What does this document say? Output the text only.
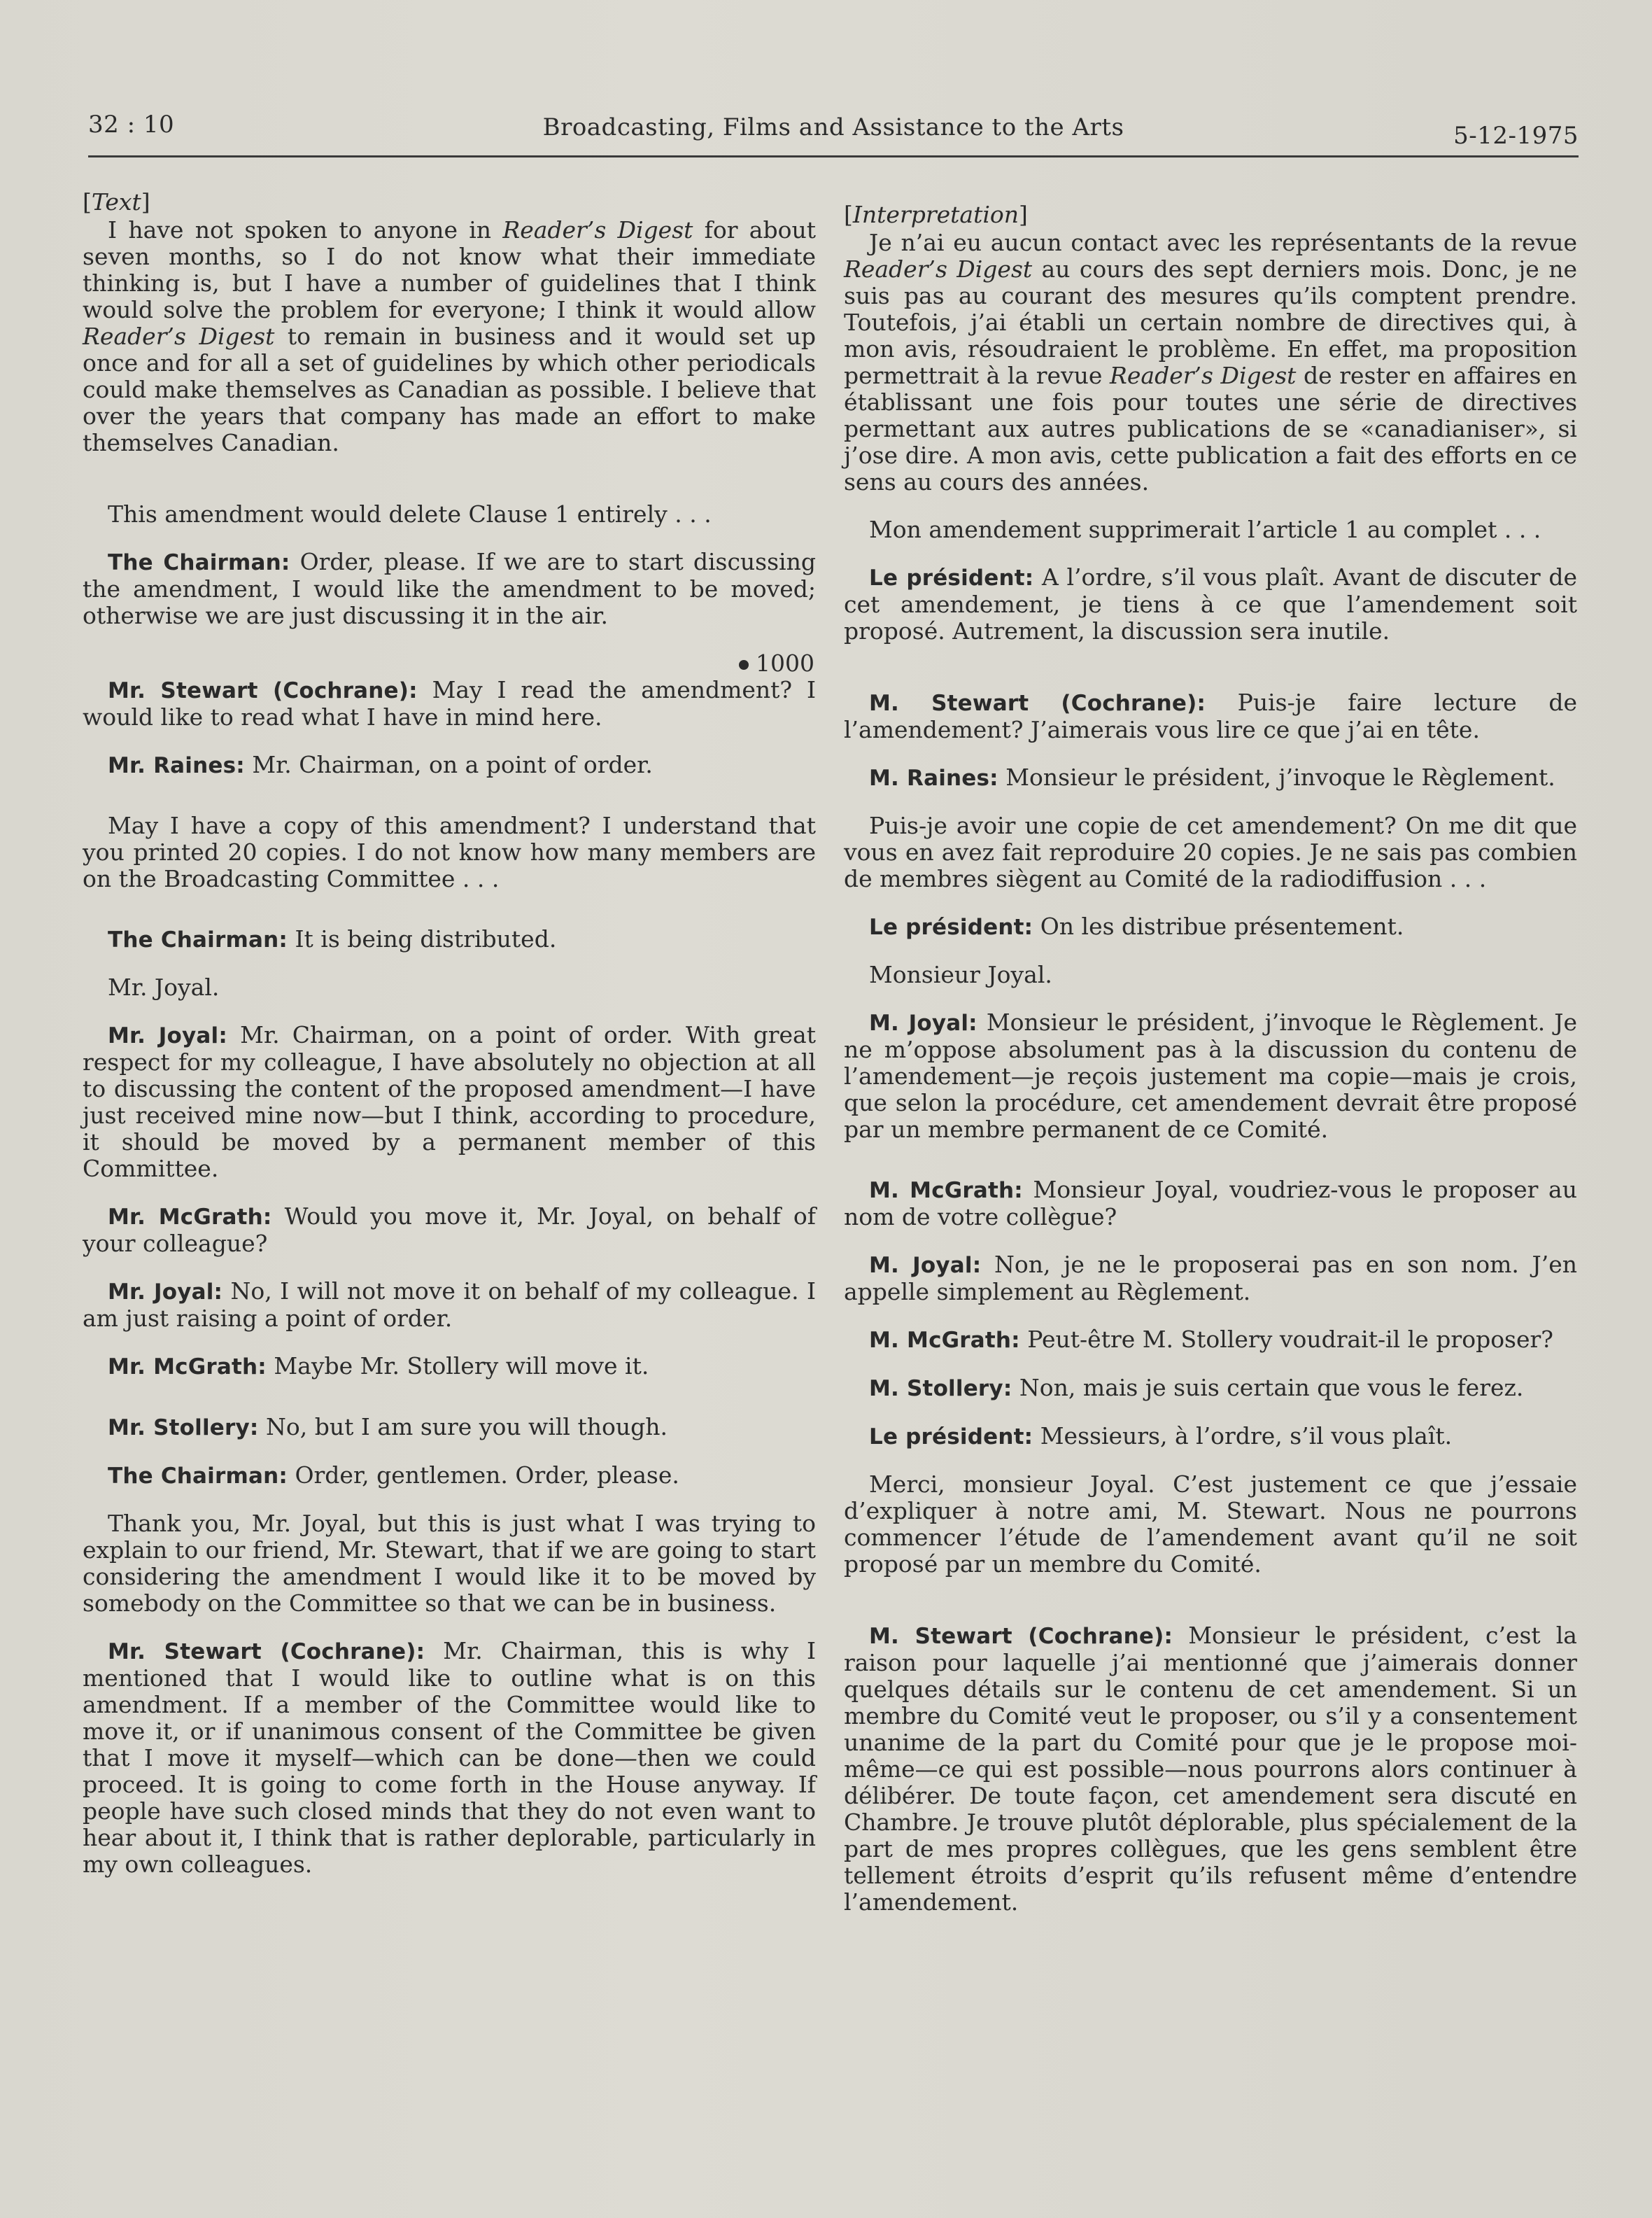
32 : 10	Broadcasting, Films and Assistance to the Arts	5-12-1975
[Text]

I have not spoken to anyone in Reader’s Digest for about seven months, so I do not know what their immediate thinking is, but I have a number of guidelines that I think would solve the problem for everyone; I think it would allow Reader’s Digest to remain in business and it would set up once and for all a set of guidelines by which other periodicals could make themselves as Canadian as possible. I believe that over the years that company has made an effort to make themselves Canadian.

This amendment would delete Clause 1 entirely . . .

The Chairman: Order, please. If we are to start discussing the amendment, I would like the amendment to be moved; otherwise we are just discussing it in the air.

1000

Mr. Stewart (Cochrane): May I read the amendment? I would like to read what I have in mind here.

Mr. Raines: Mr. Chairman, on a point of order.

May I have a copy of this amendment? I understand that you printed 20 copies. I do not know how many members are on the Broadcasting Committee . . .

The Chairman: It is being distributed.

Mr. Joyal.

Mr. Joyal: Mr. Chairman, on a point of order. With great respect for my colleague, I have absolutely no objection at all to discussing the content of the proposed amendment—I have just received mine now—but I think, according to procedure, it should be moved by a permanent member of this Committee.

Mr. McGrath: Would you move it, Mr. Joyal, on behalf of your colleague?

Mr. Joyal: No, I will not move it on behalf of my colleague. I am just raising a point of order.

Mr. McGrath: Maybe Mr. Stollery will move it.

Mr. Stollery: No, but I am sure you will though.

The Chairman: Order, gentlemen. Order, please.

Thank you, Mr. Joyal, but this is just what I was trying to explain to our friend, Mr. Stewart, that if we are going to start considering the amendment I would like it to be moved by somebody on the Committee so that we can be in business.

Mr. Stewart (Cochrane): Mr. Chairman, this is why I mentioned that I would like to outline what is on this amendment. If a member of the Committee would like to move it, or if unanimous consent of the Committee be given that I move it myself—which can be done—then we could proceed. It is going to come forth in the House anyway. If people have such closed minds that they do not even want to hear about it, I think that is rather deplorable, particularly in my own colleagues.

[Interpretation]

Je n’ai eu aucun contact avec les représentants de la revue Reader’s Digest au cours des sept derniers mois. Donc, je ne suis pas au courant des mesures qu’ils comptent prendre. Toutefois, j’ai établi un certain nombre de directives qui, à mon avis, résoudraient le problème. En effet, ma proposition permettrait à la revue Reader’s Digest de rester en affaires en établissant une fois pour toutes une série de directives permettant aux autres publications de se «canadianiser», si j’ose dire. A mon avis, cette publication a fait des efforts en ce sens au cours des années.

Mon amendement supprimerait l’article 1 au complet . . .

Le président: A l’ordre, s’il vous plaît. Avant de discuter de cet amendement, je tiens à ce que l’amendement soit proposé. Autrement, la discussion sera inutile.

M. Stewart (Cochrane): Puis-je faire lecture de l’amendement? J’aimerais vous lire ce que j’ai en tête.

M. Raines: Monsieur le président, j’invoque le Règlement.

Puis-je avoir une copie de cet amendement? On me dit que vous en avez fait reproduire 20 copies. Je ne sais pas combien de membres siègent au Comité de la radiodiffusion . . .

Le président: On les distribue présentement.

Monsieur Joyal.

M. Joyal: Monsieur le président, j’invoque le Règlement. Je ne m’oppose absolument pas à la discussion du contenu de l’amendement—je reçois justement ma copie—mais je crois, que selon la procédure, cet amendement devrait être proposé par un membre permanent de ce Comité.

M. McGrath: Monsieur Joyal, voudriez-vous le proposer au nom de votre collègue?

M. Joyal: Non, je ne le proposerai pas en son nom. J’en appelle simplement au Règlement.

M. McGrath: Peut-être M. Stollery voudrait-il le proposer?

M. Stollery: Non, mais je suis certain que vous le ferez.

Le président: Messieurs, à l’ordre, s’il vous plaît.

Merci, monsieur Joyal. C’est justement ce que j’essaie d’expliquer à notre ami, M. Stewart. Nous ne pourrons commencer l’étude de l’amendement avant qu’il ne soit proposé par un membre du Comité.

M. Stewart (Cochrane): Monsieur le président, c’est la raison pour laquelle j’ai mentionné que j’aimerais donner quelques détails sur le contenu de cet amendement. Si un membre du Comité veut le proposer, ou s’il y a consentement unanime de la part du Comité pour que je le propose moi-même—ce qui est possible—nous pourrons alors continuer à délibérer. De toute façon, cet amendement sera discuté en Chambre. Je trouve plutôt déplorable, plus spécialement de la part de mes propres collègues, que les gens semblent être tellement étroits d’esprit qu’ils refusent même d’entendre l’amendement.
